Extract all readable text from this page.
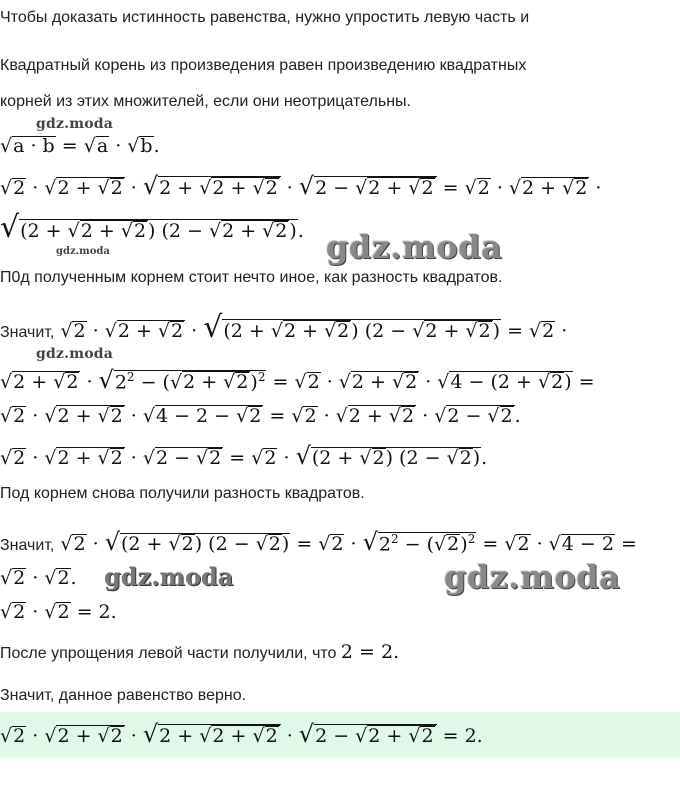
Чтобы доказать истинность равенства, нужно упростить левую часть и
Квадратный корень из произведения равен произведению квадратных
корней из этих множителей, если они неотрицательны.
gdz.moda
√a · b = √a · √b.
√2 · √2 + √2 · √2 + √2 + √2 · √2 − √2 + √2 = √2 · √2 + √2 ·
√(2 + √2 + √2 ) (2 − √2 + √2 ).
gdz.moda	gdz.moda
П0д полученным корнем стоит нечто иное, как разность квадратов.
Значит, √2 · √2 + √2 · √(2 + √2 + √2 ) (2 − √2 + √2 ) = √2 ·
gdz.moda
$√2 + √2 \cdot √2^2 - (√2 + √2$ )$^2$ = √2 · √2 + √2 · √4 − (2 + √2) =
√2 · √2 + √2 · √4 − 2 − √2 = √2 · √2 + √2 · √2 − √2 .
√2 · √2 + √2 · √2 − √2 = √2 · √(2 + √2) (2 − √2).
Под корнем снова получили разность квадратов.
Значит, √2 · √(2 + √2) $(2 - √2) = √2 \cdot √2^2 - (√2)^2 = √2 \cdot √4 - 2$ =
√2 · √2. gdz.moda	gdz.moda
√2 · √2 = 2.
После упрощения левой части получили, что 2 = 2.
Значит, данное равенство верно.
√2 · √2 + √2 · √2 + √2 + √2 · √2 − √2 + √2 = 2.
